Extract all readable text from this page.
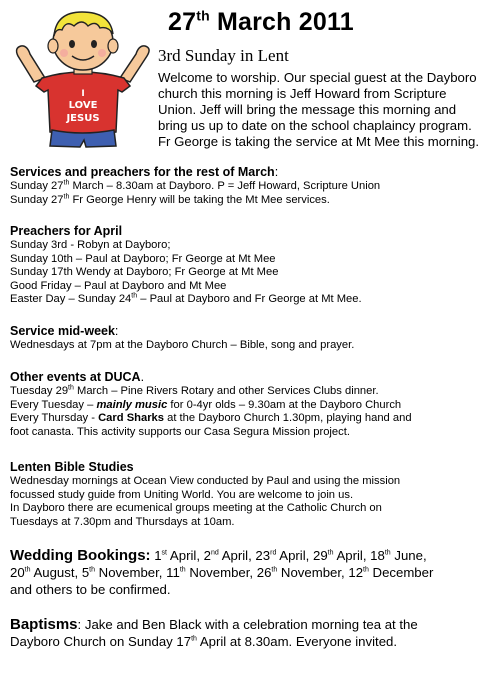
I
LOVE
JESUS
27th March 2011
3rd Sunday in Lent
Welcome to worship. Our special guest at the Dayboro
church this morning is Jeff Howard from Scripture
Union. Jeff will bring the message this morning and
bring us up to date on the school chaplaincy program.
Fr George is taking the service at Mt Mee this morning.
Services and preachers for the rest of March:
Sunday 27th March – 8.30am at Dayboro. P = Jeff Howard, Scripture Union
Sunday 27th Fr George Henry will be taking the Mt Mee services.
Preachers for April
Sunday 3rd - Robyn at Dayboro;
Sunday 10th – Paul at Dayboro; Fr George at Mt Mee
Sunday 17th Wendy at Dayboro; Fr George at Mt Mee
Good Friday – Paul at Dayboro and Mt Mee
Easter Day – Sunday 24th – Paul at Dayboro and Fr George at Mt Mee.
Service mid-week:
Wednesdays at 7pm at the Dayboro Church – Bible, song and prayer.
Other events at DUCA.
Tuesday 29th March – Pine Rivers Rotary and other Services Clubs dinner.
Every Tuesday – mainly music for 0-4yr olds – 9.30am at the Dayboro Church
Every Thursday - Card Sharks at the Dayboro Church 1.30pm, playing hand and
foot canasta. This activity supports our Casa Segura Mission project.
Lenten Bible Studies
Wednesday mornings at Ocean View conducted by Paul and using the mission
focussed study guide from Uniting World. You are welcome to join us.
In Dayboro there are ecumenical groups meeting at the Catholic Church on
Tuesdays at 7.30pm and Thursdays at 10am.
Wedding Bookings: 1st April, 2nd April, 23rd April, 29th April, 18th June,
20th August, 5th November, 11th November, 26th November, 12th December
and others to be confirmed.
Baptisms: Jake and Ben Black with a celebration morning tea at the
Dayboro Church on Sunday 17th April at 8.30am. Everyone invited.
